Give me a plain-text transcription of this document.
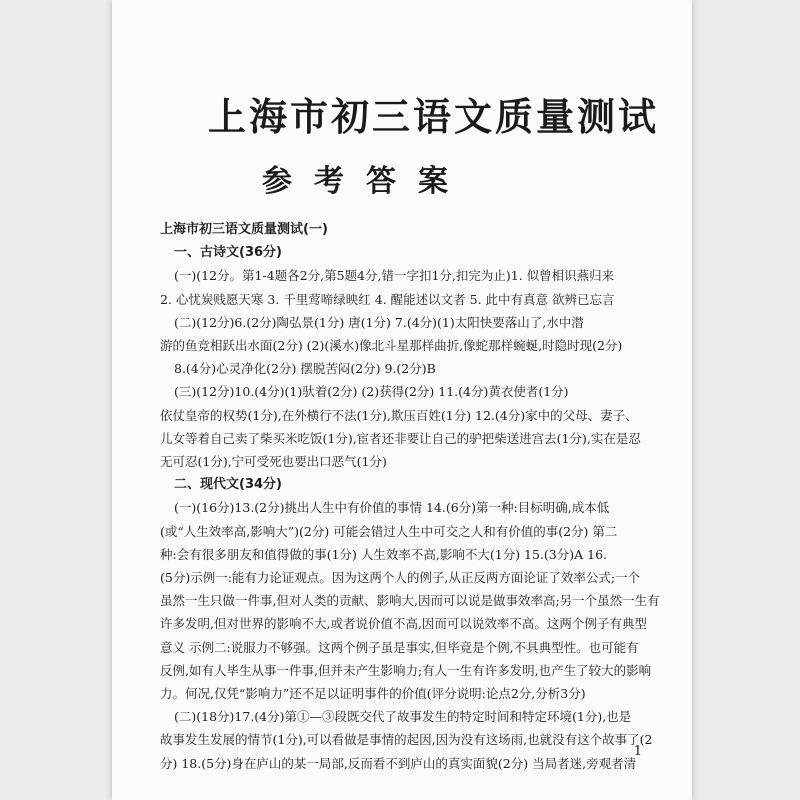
上海市初三语文质量测试
参考答案

上海市初三语文质量测试(一)

一、古诗文(36分)

(一)(12分。第1-4题各2分,第5题4分,错一字扣1分,扣完为止)1. 似曾相识燕归来

2. 心忧炭贱愿天寒 3. 千里莺啼绿映红 4. 醒能述以文者 5. 此中有真意 欲辨已忘言

(二)(12分)6.(2分)陶弘景(1分) 唐(1分) 7.(4分)(1)太阳快要落山了,水中潜

游的鱼竞相跃出水面(2分) (2)(溪水)像北斗星那样曲折,像蛇那样蜿蜒,时隐时现(2分)

8.(4分)心灵净化(2分) 摆脱苦闷(2分) 9.(2分)B

(三)(12分)10.(4分)(1)驮着(2分) (2)获得(2分) 11.(4分)黄衣使者(1分)

依仗皇帝的权势(1分),在外横行不法(1分),欺压百姓(1分) 12.(4分)家中的父母、妻子、

儿女等着自己卖了柴买米吃饭(1分),宦者还非要让自己的驴把柴送进宫去(1分),实在是忍

无可忍(1分),宁可受死也要出口恶气(1分)

二、现代文(34分)

(一)(16分)13.(2分)挑出人生中有价值的事情 14.(6分)第一种:目标明确,成本低

(或“人生效率高,影响大”)(2分) 可能会错过人生中可交之人和有价值的事(2分) 第二

种:会有很多朋友和值得做的事(1分) 人生效率不高,影响不大(1分) 15.(3分)A 16.

(5分)示例一:能有力论证观点。因为这两个人的例子,从正反两方面论证了效率公式;一个

虽然一生只做一件事,但对人类的贡献、影响大,因而可以说是做事效率高;另一个虽然一生有

许多发明,但对世界的影响不大,或者说价值不高,因而可以说效率不高。这两个例子有典型

意义 示例二:说服力不够强。这两个例子虽是事实,但毕竟是个例,不具典型性。也可能有

反例,如有人毕生从事一件事,但并未产生影响力;有人一生有许多发明,也产生了较大的影响

力。何况,仅凭“影响力”还不足以证明事件的价值(评分说明:论点2分,分析3分)

(二)(18分)17.(4分)第①—③段既交代了故事发生的特定时间和特定环境(1分),也是

故事发生发展的情节(1分),可以看做是事情的起因,因为没有这场雨,也就没有这个故事了(2

分) 18.(5分)身在庐山的某一局部,反而看不到庐山的真实面貌(2分) 当局者迷,旁观者清

1
